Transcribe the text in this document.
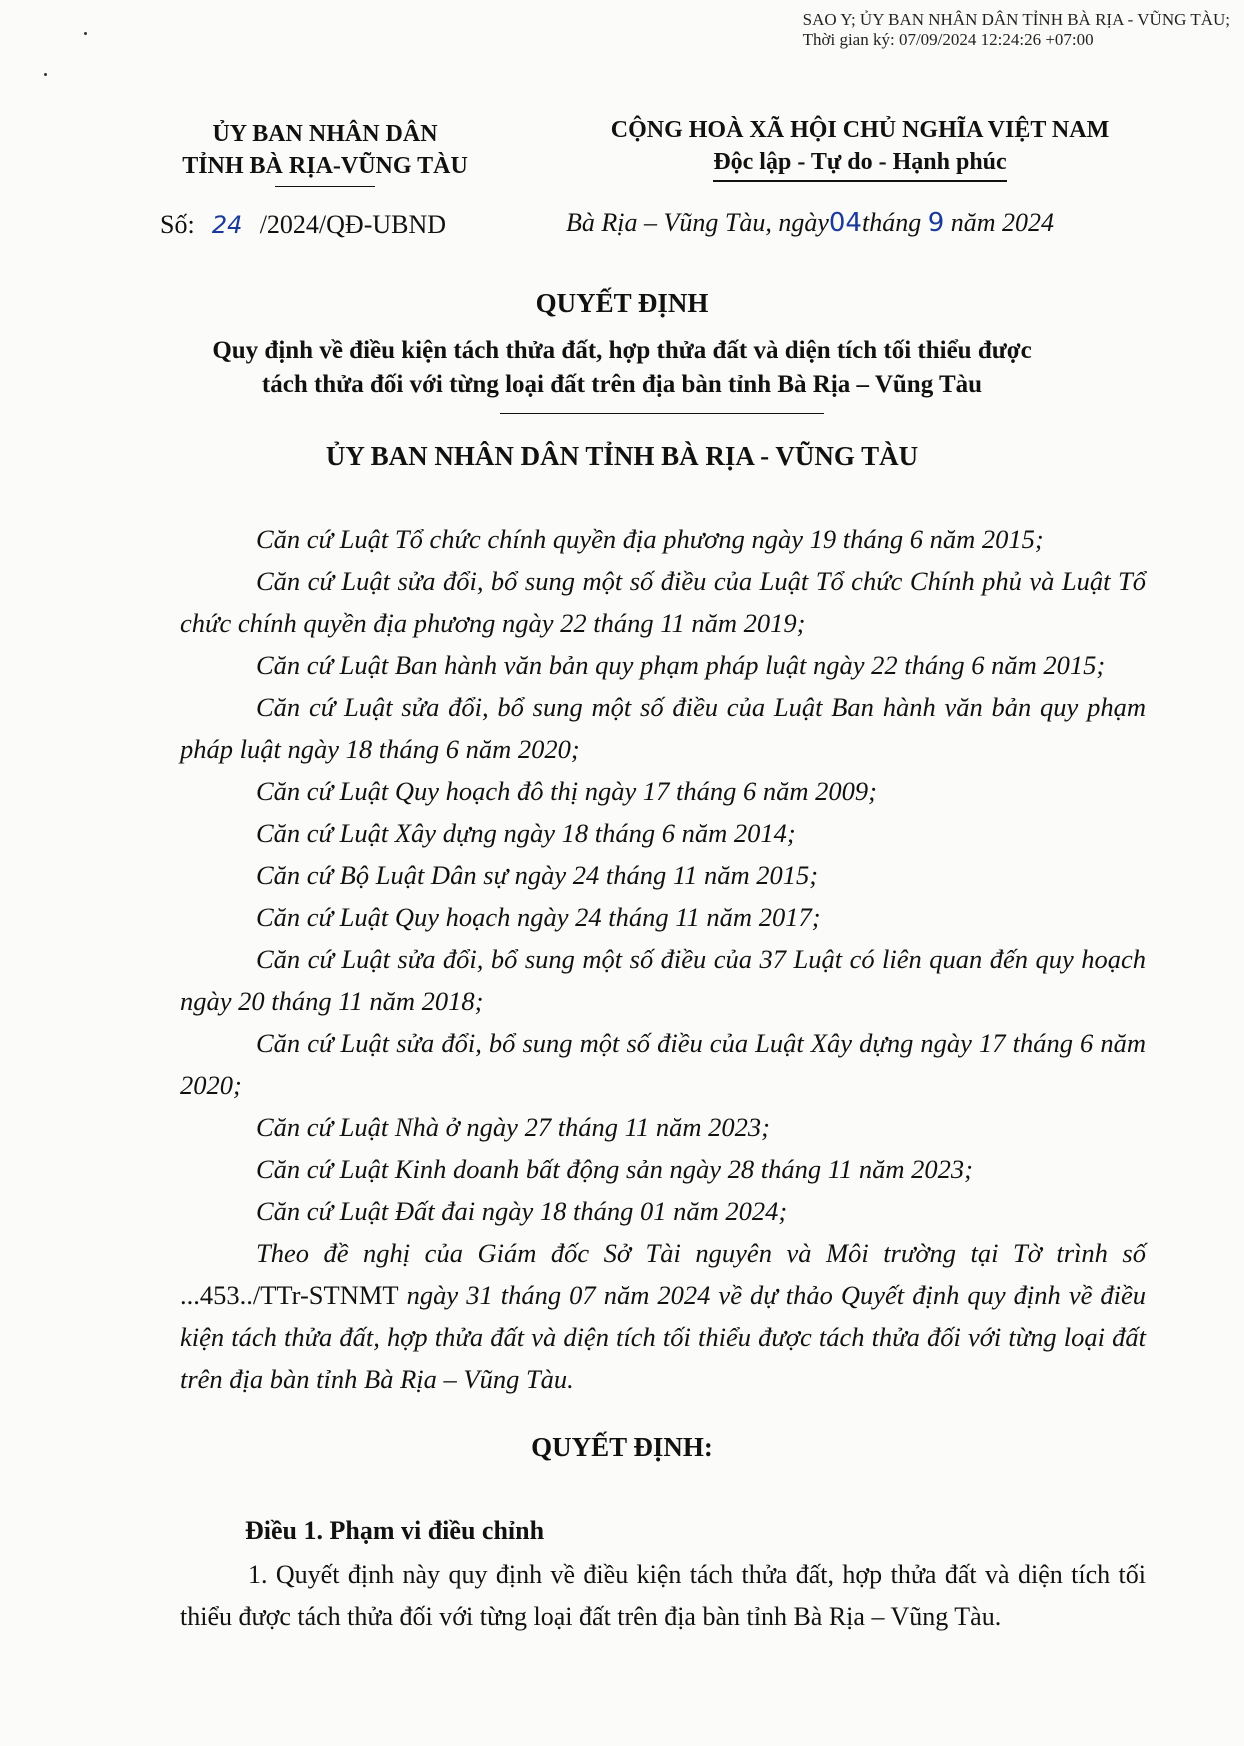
SAO Y; ỦY BAN NHÂN DÂN TỈNH BÀ RỊA - VŨNG TÀU;
Thời gian ký: 07/09/2024 12:24:26 +07:00
ỦY BAN NHÂN DÂN
TỈNH BÀ RỊA-VŨNG TÀU
CỘNG HOÀ XÃ HỘI CHỦ NGHĨA VIỆT NAM
Độc lập - Tự do - Hạnh phúc
Số: 24 /2024/QĐ-UBND	Bà Rịa – Vũng Tàu, ngày04tháng 9 năm 2024
QUYẾT ĐỊNH
Quy định về điều kiện tách thửa đất, hợp thửa đất và diện tích tối thiểu được
tách thửa đối với từng loại đất trên địa bàn tỉnh Bà Rịa – Vũng Tàu
ỦY BAN NHÂN DÂN TỈNH BÀ RỊA - VŨNG TÀU

Căn cứ Luật Tổ chức chính quyền địa phương ngày 19 tháng 6 năm 2015;

Căn cứ Luật sửa đổi, bổ sung một số điều của Luật Tổ chức Chính phủ và Luật Tổ chức chính quyền địa phương ngày 22 tháng 11 năm 2019;

Căn cứ Luật Ban hành văn bản quy phạm pháp luật ngày 22 tháng 6 năm 2015;

Căn cứ Luật sửa đổi, bổ sung một số điều của Luật Ban hành văn bản quy phạm pháp luật ngày 18 tháng 6 năm 2020;

Căn cứ Luật Quy hoạch đô thị ngày 17 tháng 6 năm 2009;

Căn cứ Luật Xây dựng ngày 18 tháng 6 năm 2014;

Căn cứ Bộ Luật Dân sự ngày 24 tháng 11 năm 2015;

Căn cứ Luật Quy hoạch ngày 24 tháng 11 năm 2017;

Căn cứ Luật sửa đổi, bổ sung một số điều của 37 Luật có liên quan đến quy hoạch ngày 20 tháng 11 năm 2018;

Căn cứ Luật sửa đổi, bổ sung một số điều của Luật Xây dựng ngày 17 tháng 6 năm 2020;

Căn cứ Luật Nhà ở ngày 27 tháng 11 năm 2023;

Căn cứ Luật Kinh doanh bất động sản ngày 28 tháng 11 năm 2023;

Căn cứ Luật Đất đai ngày 18 tháng 01 năm 2024;

Theo đề nghị của Giám đốc Sở Tài nguyên và Môi trường tại Tờ trình số ...453../TTr-STNMT ngày 31 tháng 07 năm 2024 về dự thảo Quyết định quy định về điều kiện tách thửa đất, hợp thửa đất và diện tích tối thiểu được tách thửa đối với từng loại đất trên địa bàn tỉnh Bà Rịa – Vũng Tàu.

QUYẾT ĐỊNH:
Điều 1. Phạm vi điều chỉnh

1. Quyết định này quy định về điều kiện tách thửa đất, hợp thửa đất và diện tích tối thiểu được tách thửa đối với từng loại đất trên địa bàn tỉnh Bà Rịa – Vũng Tàu.
